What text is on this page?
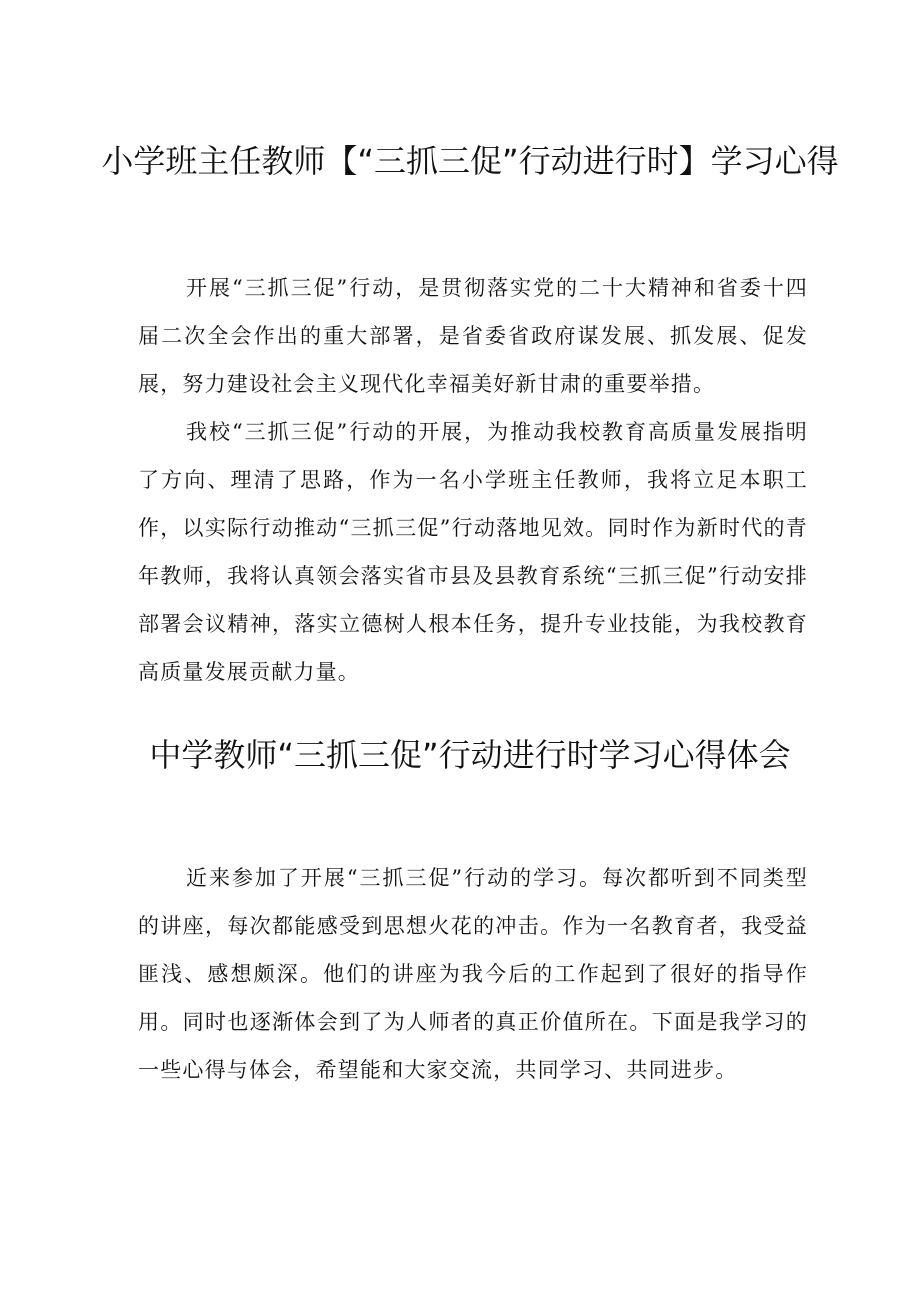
小学班主任教师【“三抓三促”行动进行时】学习心得

开展“三抓三促”行动，是贯彻落实党的二十大精神和省委十四届二次全会作出的重大部署，是省委省政府谋发展、抓发展、促发展，努力建设社会主义现代化幸福美好新甘肃的重要举措。

我校“三抓三促”行动的开展，为推动我校教育高质量发展指明了方向、理清了思路，作为一名小学班主任教师，我将立足本职工作，以实际行动推动“三抓三促”行动落地见效。同时作为新时代的青年教师，我将认真领会落实省市县及县教育系统“三抓三促”行动安排部署会议精神，落实立德树人根本任务，提升专业技能，为我校教育高质量发展贡献力量。

中学教师“三抓三促”行动进行时学习心得体会

近来参加了开展“三抓三促”行动的学习。每次都听到不同类型的讲座，每次都能感受到思想火花的冲击。作为一名教育者，我受益匪浅、感想颇深。他们的讲座为我今后的工作起到了很好的指导作用。同时也逐渐体会到了为人师者的真正价值所在。下面是我学习的一些心得与体会，希望能和大家交流，共同学习、共同进步。
